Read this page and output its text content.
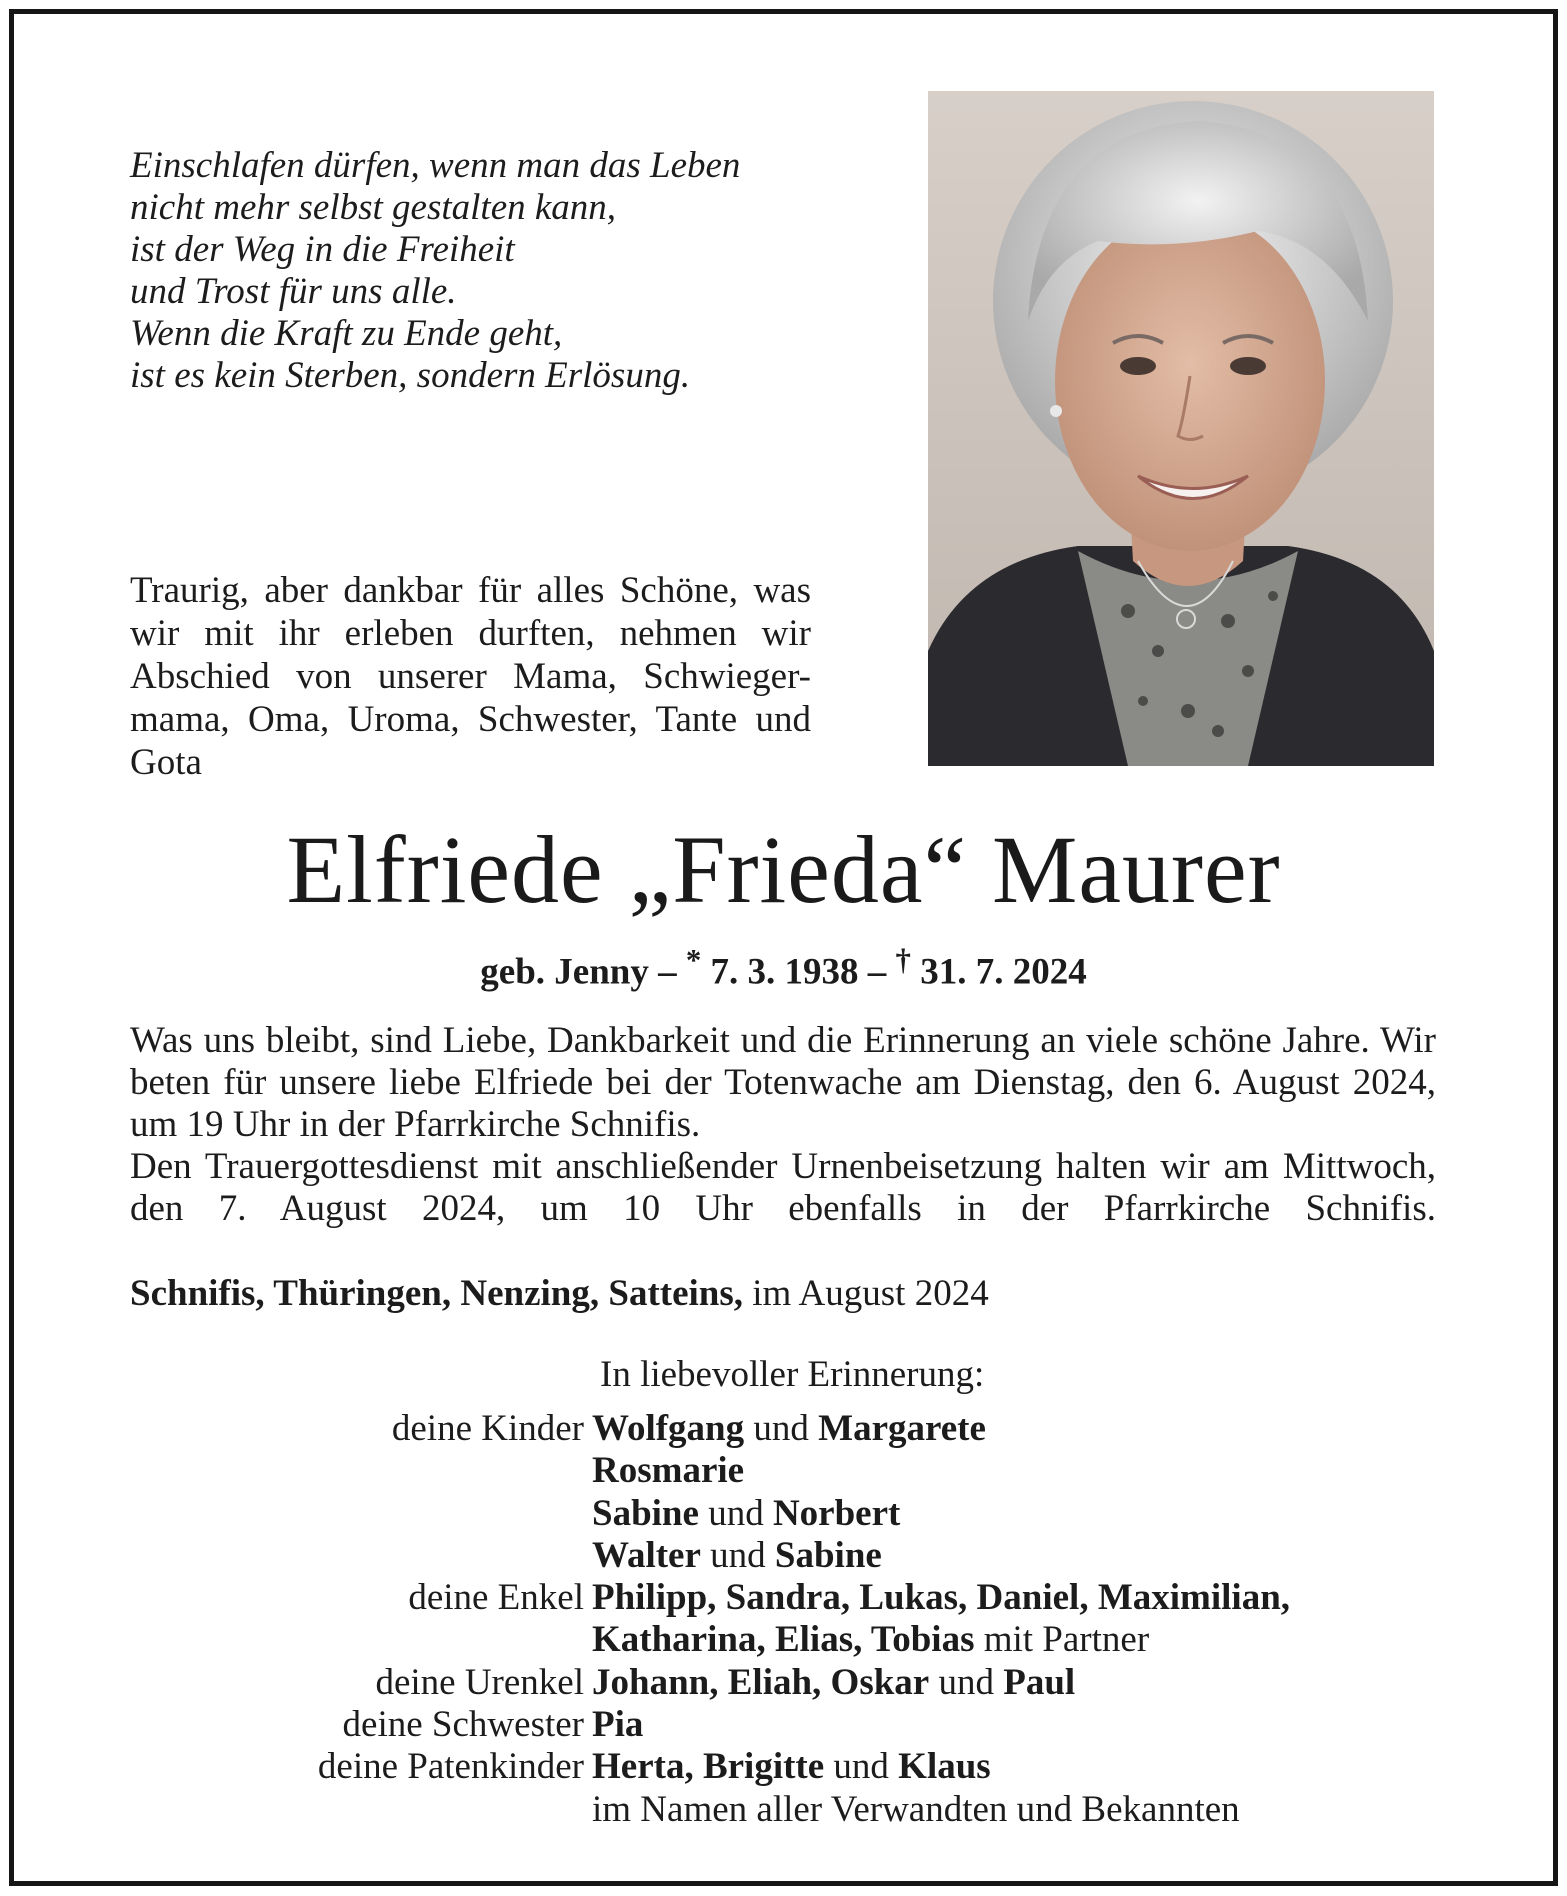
Einschlafen dürfen, wenn man das Leben
nicht mehr selbst gestalten kann,
ist der Weg in die Freiheit
und Trost für uns alle.
Wenn die Kraft zu Ende geht,
ist es kein Sterben, sondern Erlösung.
Traurig, aber dankbar für alles Schöne, was wir mit ihr erleben durften, nehmen wir Abschied von unserer Mama, Schwieger-mama, Oma, Uroma, Schwester, Tante und Gota
Elfriede „Frieda“ Maurer
geb. Jenny – * 7. 3. 1938 – † 31. 7. 2024

Was uns bleibt, sind Liebe, Dankbarkeit und die Erinnerung an viele schöne Jahre. Wir beten für unsere liebe Elfriede bei der Totenwache am Dienstag, den 6. August 2024, um 19 Uhr in der Pfarrkirche Schnifis.

Den Trauergottesdienst mit anschließender Urnenbeisetzung halten wir am Mittwoch, den 7. August 2024, um 10 Uhr ebenfalls in der Pfarrkirche Schnifis.

Schnifis, Thüringen, Nenzing, Satteins, im August 2024
In liebevoller Erinnerung:
deine Kinder Wolfgang und Margarete
Rosmarie
Sabine und Norbert
Walter und Sabine
deine Enkel Philipp, Sandra, Lukas, Daniel, Maximilian,
Katharina, Elias, Tobias mit Partner
deine Urenkel Johann, Eliah, Oskar und Paul
deine Schwester Pia
deine Patenkinder Herta, Brigitte und Klaus
im Namen aller Verwandten und Bekannten
